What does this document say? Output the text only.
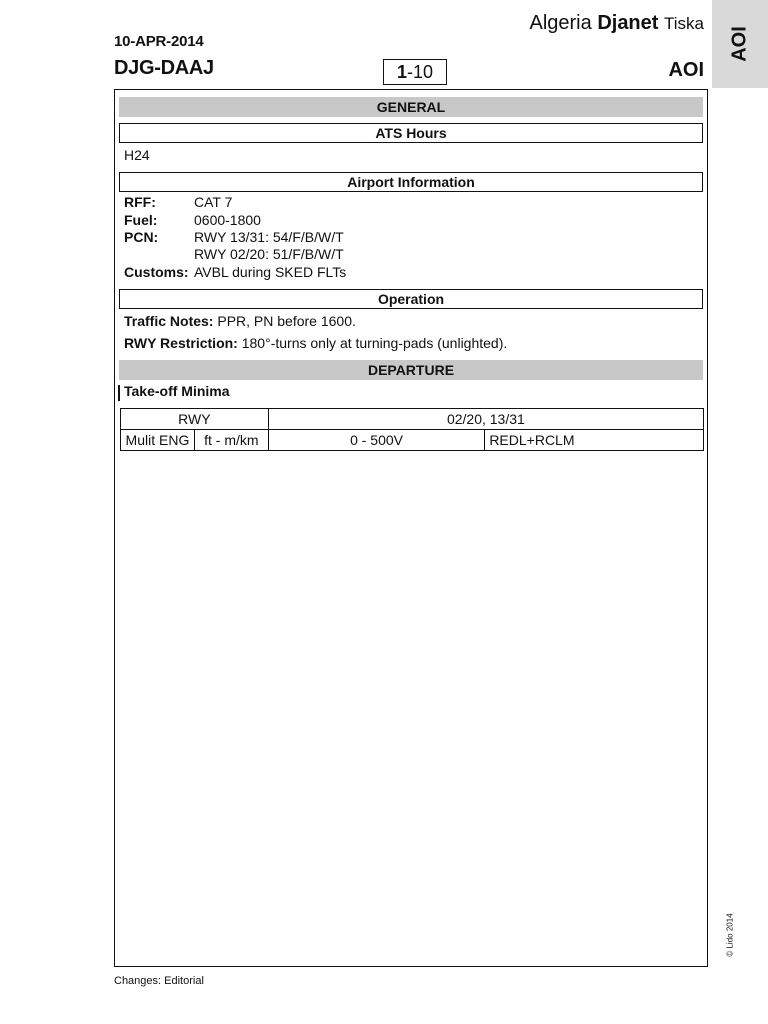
10-APR-2014
DJG-DAAJ	1-10
Algeria Djanet Tiska
AOI
AOI
© Lido 2014
GENERAL
ATS Hours
H24
Airport Information
RFF:	CAT 7
Fuel:	0600-1800
PCN:	RWY 13/31: 54/F/B/W/T
RWY 02/20: 51/F/B/W/T
Customs: AVBL during SKED FLTs
Operation
Traffic Notes: PPR, PN before 1600.
RWY Restriction: 180°-turns only at turning-pads (unlighted).
DEPARTURE
Take-off Minima
RWY		02/20, 13/31	
Mulit ENG	ft - m/km	0 - 500V	REDL+RCLM
Changes: Editorial
